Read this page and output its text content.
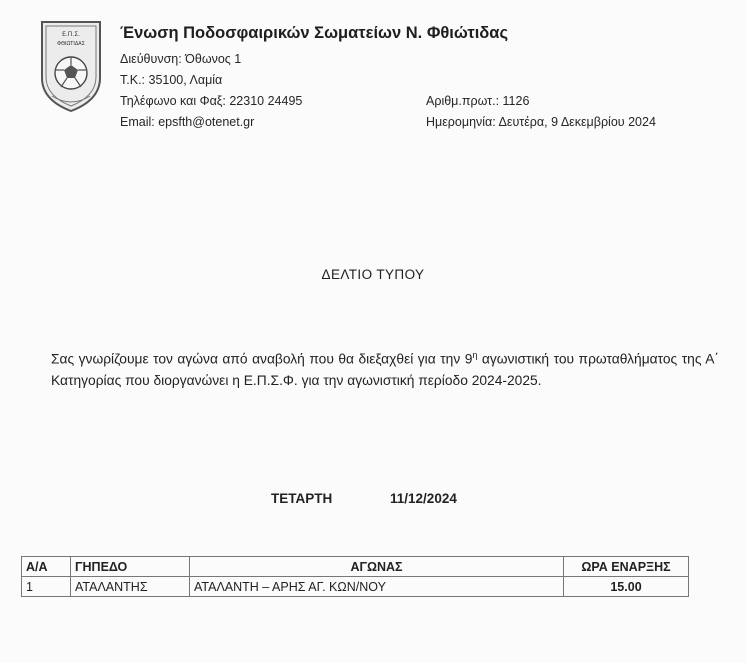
Ε.Π.Σ.
ΦΘΙΩΤΙΔΑΣ
Ένωση Ποδοσφαιρικών Σωματείων Ν. Φθιώτιδας
Διεύθυνση: Όθωνος 1
Τ.Κ.: 35100, Λαμία
Τηλέφωνο και Φαξ: 22310 24495
Email: epsfth@otenet.gr
Αριθμ.πρωτ.: 1126
Ημερομηνία: Δευτέρα, 9 Δεκεμβρίου 2024
ΔΕΛΤΙΟ ΤΥΠΟΥ
Σας γνωρίζουμε τον αγώνα από αναβολή που θα διεξαχθεί για την $9^\eta$ αγωνιστική του πρωταθλήματος της Α΄ Κατηγορίας που διοργανώνει η Ε.Π.Σ.Φ. για την αγωνιστική περίοδο 2024-2025.
ΤΕΤΑΡΤΗ	11/12/2024
Α/Α	ΓΗΠΕΔΟ	ΑΓΩΝΑΣ	ΩΡΑ ΕΝΑΡΞΗΣ
1	ΑΤΑΛΑΝΤΗΣ	ΑΤΑΛΑΝΤΗ – ΑΡΗΣ ΑΓ. ΚΩΝ/ΝΟΥ	15.00
